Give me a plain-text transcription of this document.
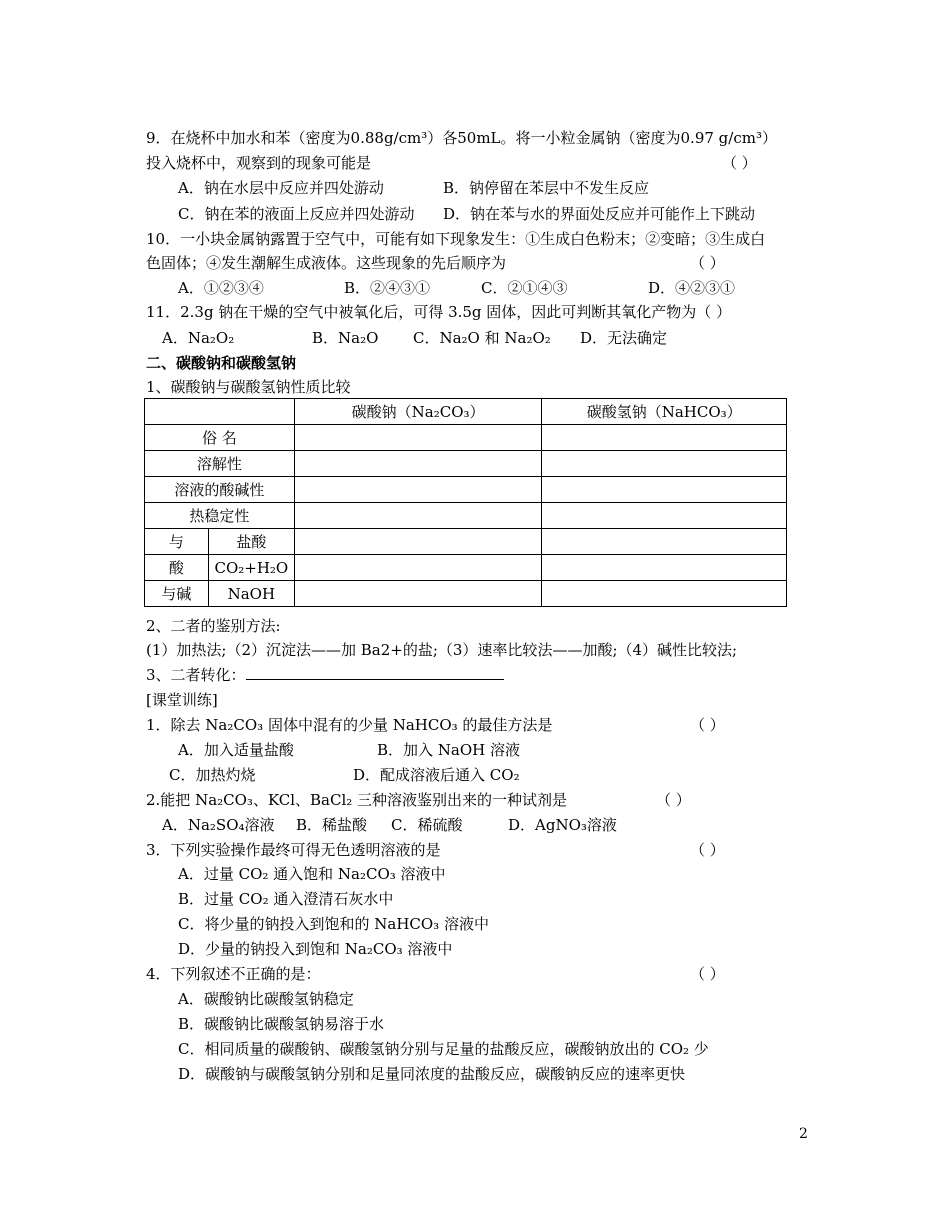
9．在烧杯中加水和苯（密度为0.88g/cm³）各50mL。将一小粒金属钠（密度为0.97 g/cm³）
投入烧杯中，观察到的现象可能是	（ ）
A．钠在水层中反应并四处游动	B．钠停留在苯层中不发生反应
C．钠在苯的液面上反应并四处游动 D．钠在苯与水的界面处反应并可能作上下跳动
10．一小块金属钠露置于空气中，可能有如下现象发生：①生成白色粉末；②变暗；③生成白
色固体；④发生潮解生成液体。这些现象的先后顺序为	（ ）
A．①②③④	B．②④③①	C．②①④③	D．④②③①
11．2.3g 钠在干燥的空气中被氧化后，可得 3.5g 固体，因此可判断其氧化产物为（ ）
A．Na₂O₂	B．Na₂O C．Na₂O 和 Na₂O₂ D．无法确定
二、碳酸钠和碳酸氢钠
1、碳酸钠与碳酸氢钠性质比较
		碳酸钠（Na₂CO₃）	碳酸氢钠（NaHCO₃）
俗 名			
溶解性			
溶液的酸碱性			
热稳定性			
与	盐酸		
酸	CO₂+H₂O		
与碱	NaOH		
2、二者的鉴别方法:
(1）加热法;（2）沉淀法——加 Ba2+的盐;（3）速率比较法——加酸;（4）碱性比较法;
3、二者转化：
[课堂训练]
1．除去 Na₂CO₃ 固体中混有的少量 NaHCO₃ 的最佳方法是	（ ）
A．加入适量盐酸	B．加入 NaOH 溶液
C．加热灼烧	D．配成溶液后通入 CO₂
2.能把 Na₂CO₃、KCl、BaCl₂ 三种溶液鉴别出来的一种试剂是	（ ）
A．Na₂SO₄溶液 B．稀盐酸 C．稀硫酸	D．AgNO₃溶液
3．下列实验操作最终可得无色透明溶液的是	（ ）
A．过量 CO₂ 通入饱和 Na₂CO₃ 溶液中
B．过量 CO₂ 通入澄清石灰水中
C．将少量的钠投入到饱和的 NaHCO₃ 溶液中
D．少量的钠投入到饱和 Na₂CO₃ 溶液中
4．下列叙述不正确的是：	（ ）
A．碳酸钠比碳酸氢钠稳定
B．碳酸钠比碳酸氢钠易溶于水
C．相同质量的碳酸钠、碳酸氢钠分别与足量的盐酸反应，碳酸钠放出的 CO₂ 少
D．碳酸钠与碳酸氢钠分别和足量同浓度的盐酸反应，碳酸钠反应的速率更快
2
